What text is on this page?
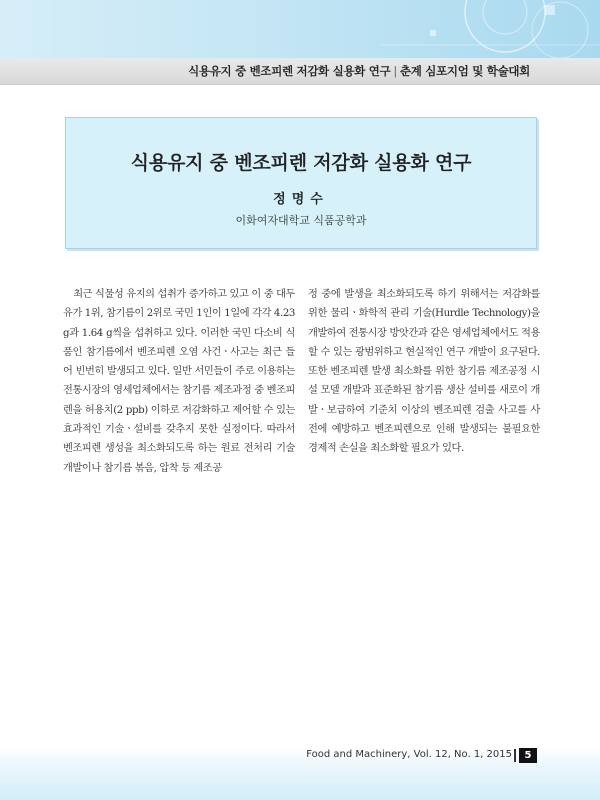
식용유지 중 벤조피렌 저감화 실용화 연구 | 춘계 심포지엄 및 학술대회
식용유지 중 벤조피렌 저감화 실용화 연구
정명수
이화여자대학교 식품공학과
최근 식물성 유지의 섭취가 증가하고 있고 이 중 대두유가 1위, 참기름이 2위로 국민 1인이 1일에 각각 4.23 g과 1.64 g씩을 섭취하고 있다. 이러한 국민 다소비 식품인 참기름에서 벤조피렌 오염 사건ㆍ사고는 최근 들어 빈번히 발생되고 있다. 일반 서민들이 주로 이용하는 전통시장의 영세업체에서는 참기름 제조과정 중 벤조피렌을 허용치(2 ppb) 이하로 저감화하고 제어할 수 있는 효과적인 기술ㆍ설비를 갖추지 못한 실정이다. 따라서 벤조피렌 생성을 최소화되도록 하는 원료 전처리 기술 개발이나 참기름 볶음, 압착 등 제조공
정 중에 발생을 최소화되도록 하기 위해서는 저감화를 위한 물리ㆍ화학적 관리 기술(Hurdle Technology)을 개발하여 전통시장 방앗간과 같은 영세업체에서도 적용할 수 있는 광범위하고 현실적인 연구 개발이 요구된다. 또한 벤조피렌 발생 최소화를 위한 참기름 제조공정 시설 모델 개발과 표준화된 참기름 생산 설비를 새로이 개발ㆍ보급하여 기준치 이상의 벤조피렌 검출 사고를 사전에 예방하고 벤조피렌으로 인해 발생되는 불필요한 경제적 손실을 최소화할 필요가 있다.
Food and Machinery, Vol. 12, No. 1, 2015	5
